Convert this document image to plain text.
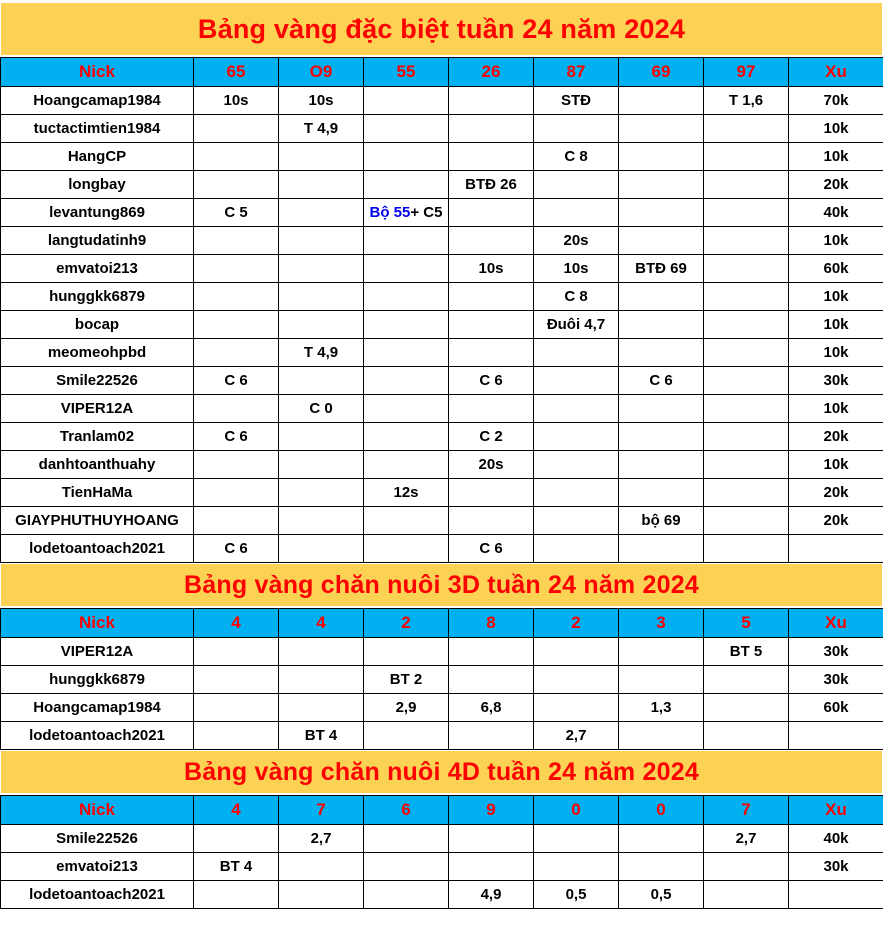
Bảng vàng đặc biệt tuần 24 năm 2024
Nick	65	O9	55	26	87	69	97	Xu
Hoangcamap1984	10s	10s			STĐ		T 1,6	70k
tuctactimtien1984		T 4,9						10k
HangCP					C 8			10k
longbay				BTĐ 26				20k
levantung869	C 5		Bộ 55+ C5					40k
langtudatinh9					20s			10k
emvatoi213				10s	10s	BTĐ 69		60k
hunggkk6879					C 8			10k
bocap					Đuôi 4,7			10k
meomeohpbd		T 4,9						10k
Smile22526	C 6			C 6		C 6		30k
VIPER12A		C 0						10k
Tranlam02	C 6			C 2				20k
danhtoanthuahy				20s				10k
TienHaMa			12s					20k
GIAYPHUTHUYHOANG						bộ 69		20k
lodetoantoach2021	C 6			C 6				
Bảng vàng chăn nuôi 3D tuần 24 năm 2024
Nick	4	4	2	8	2	3	5	Xu
VIPER12A							BT 5	30k
hunggkk6879			BT 2					30k
Hoangcamap1984			2,9	6,8		1,3		60k
lodetoantoach2021		BT 4			2,7			
Bảng vàng chăn nuôi 4D tuần 24 năm 2024
Nick	4	7	6	9	0	0	7	Xu
Smile22526		2,7					2,7	40k
emvatoi213	BT 4							30k
lodetoantoach2021				4,9	0,5	0,5		
